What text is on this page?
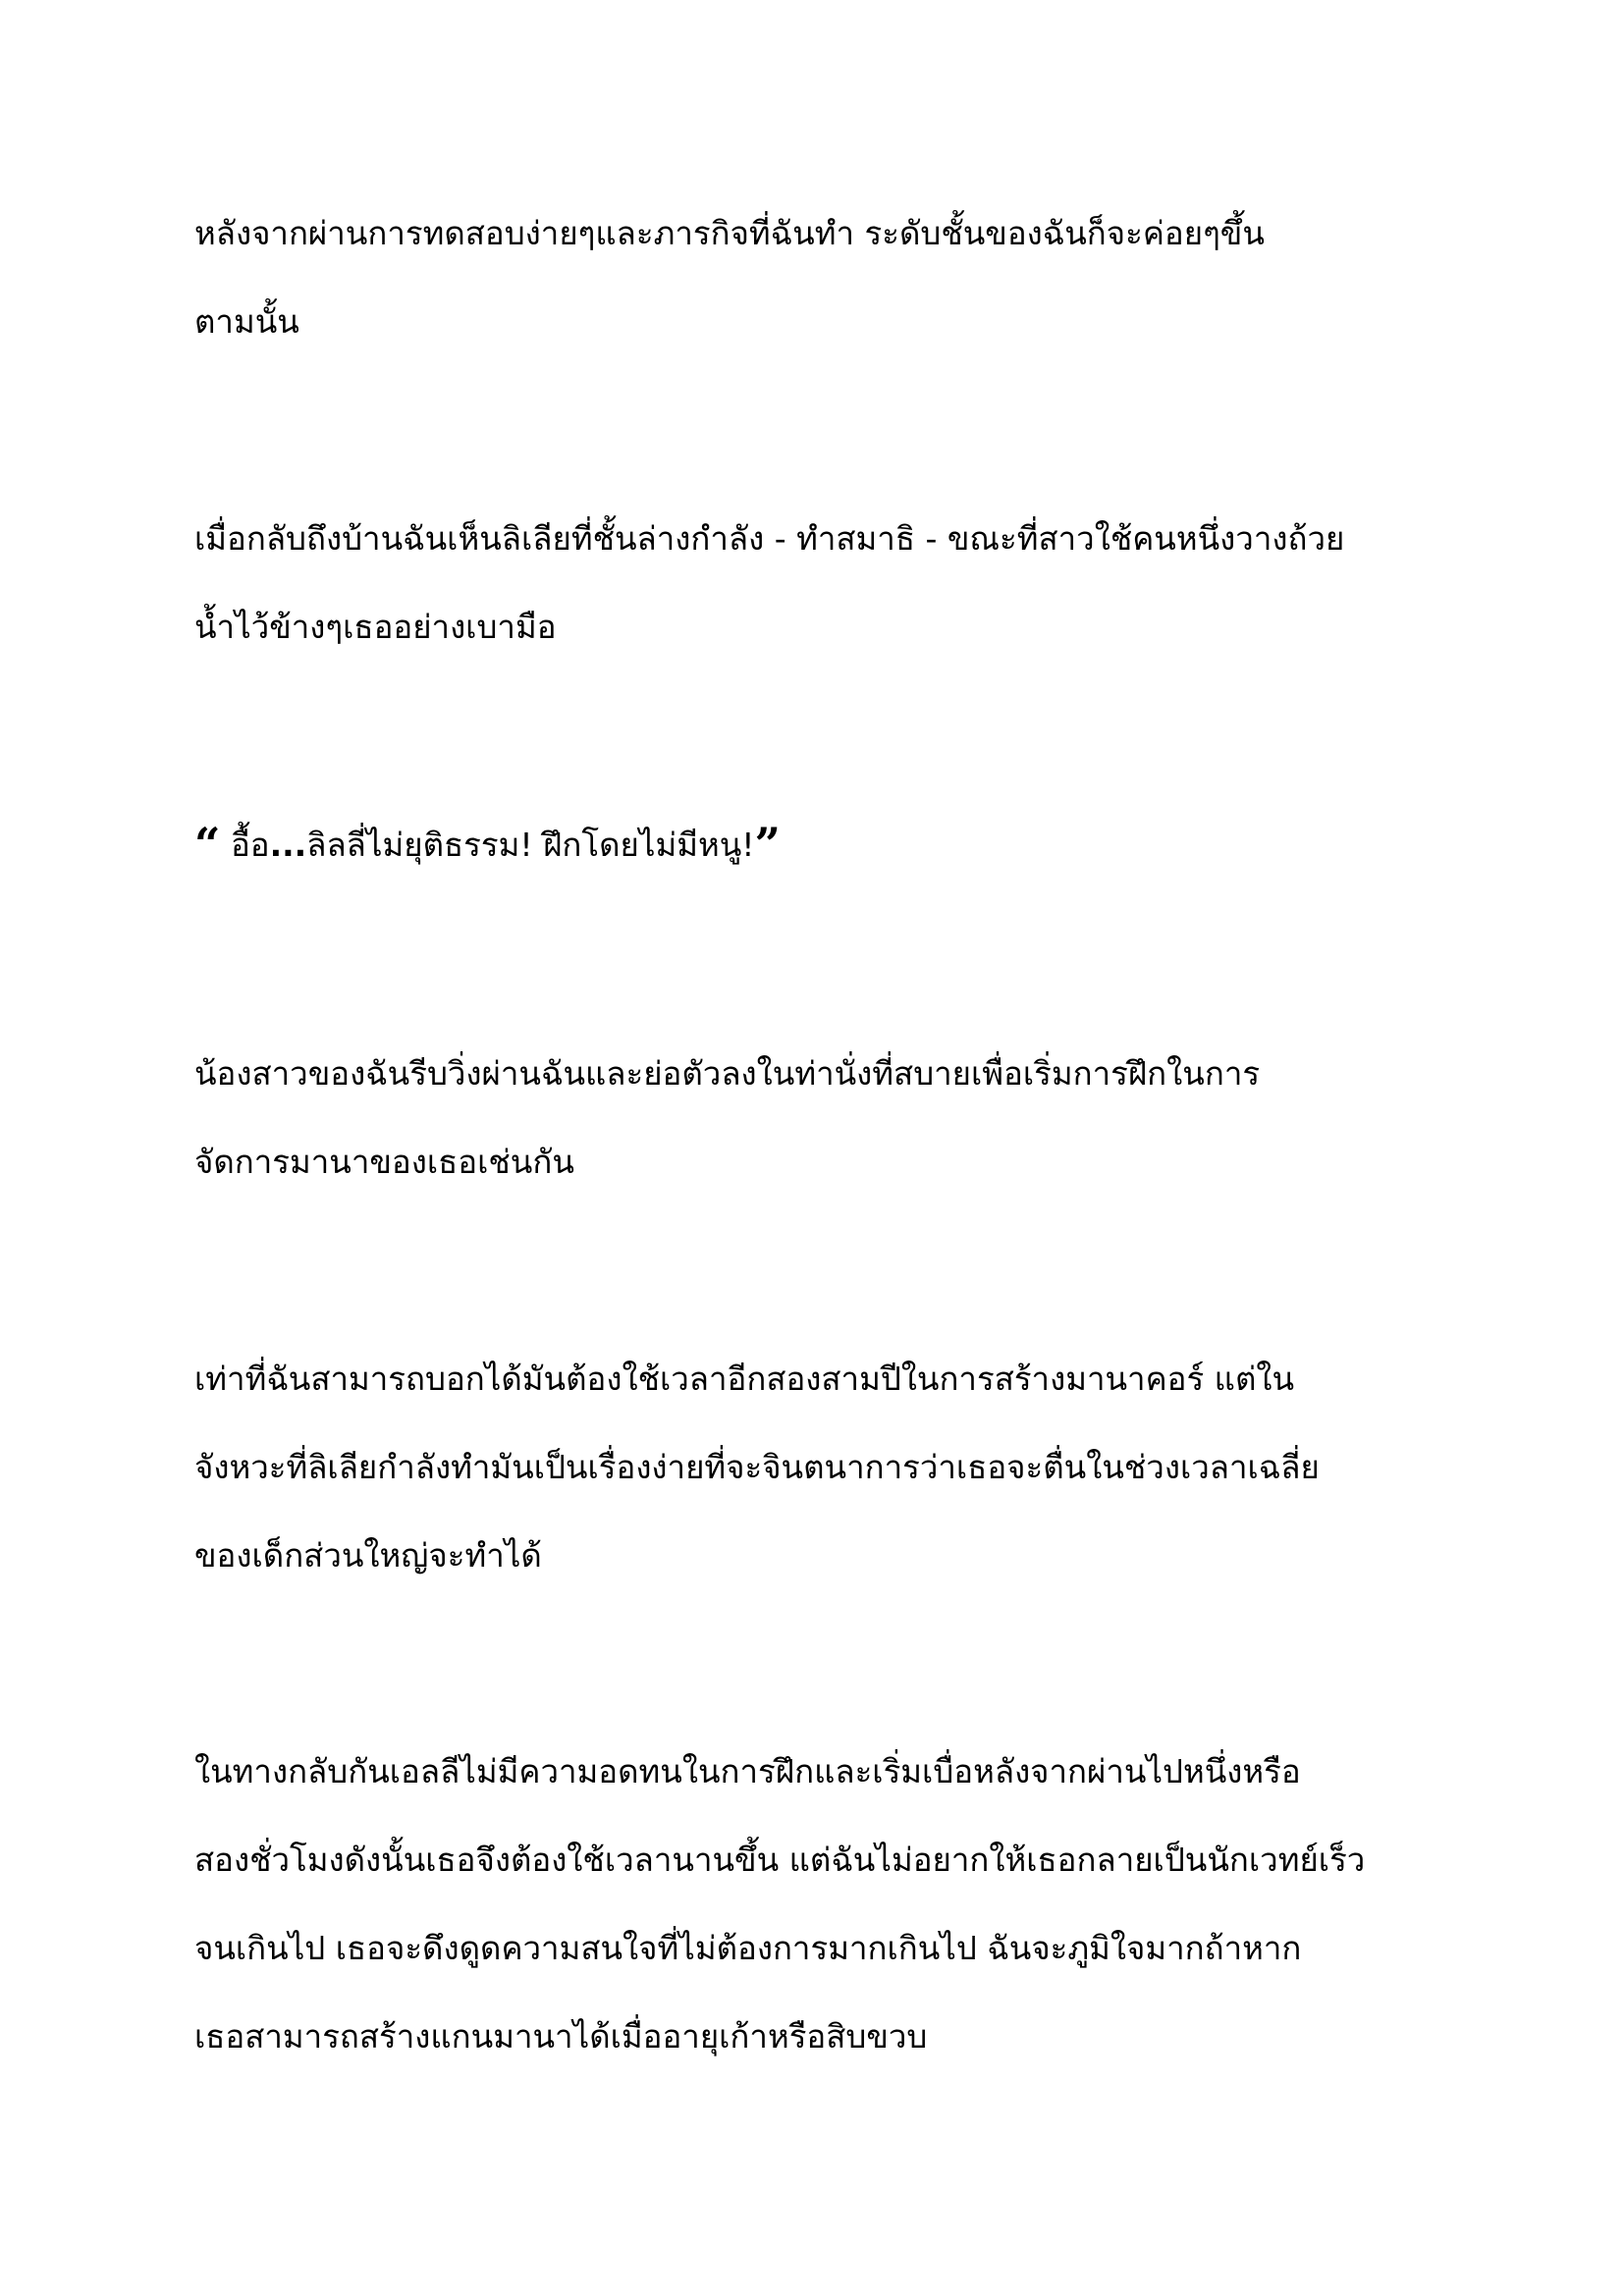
หลังจากผ่านการทดสอบง่ายๆและภารกิจที่ฉันทำ ระดับชั้นของฉันก็จะค่อยๆขึ้น
ตามนั้น
เมื่อกลับถึงบ้านฉันเห็นลิเลียที่ชั้นล่างกำลัง - ทำสมาธิ - ขณะที่สาวใช้คนหนึ่งวางถ้วย
น้ำไว้ข้างๆเธออย่างเบามือ
“ อื้อ...ลิลลี่ไม่ยุติธรรม! ฝึกโดยไม่มีหนู!”
น้องสาวของฉันรีบวิ่งผ่านฉันและย่อตัวลงในท่านั่งที่สบายเพื่อเริ่มการฝึกในการ
จัดการมานาของเธอเช่นกัน
เท่าที่ฉันสามารถบอกได้มันต้องใช้เวลาอีกสองสามปีในการสร้างมานาคอร์ แต่ใน
จังหวะที่ลิเลียกำลังทำมันเป็นเรื่องง่ายที่จะจินตนาการว่าเธอจะตื่นในช่วงเวลาเฉลี่ย
ของเด็กส่วนใหญ่จะทำได้
ในทางกลับกันเอลลีไม่มีความอดทนในการฝึกและเริ่มเบื่อหลังจากผ่านไปหนึ่งหรือ
สองชั่วโมงดังนั้นเธอจึงต้องใช้เวลานานขึ้น แต่ฉันไม่อยากให้เธอกลายเป็นนักเวทย์เร็ว
จนเกินไป เธอจะดึงดูดความสนใจที่ไม่ต้องการมากเกินไป ฉันจะภูมิใจมากถ้าหาก
เธอสามารถสร้างแกนมานาได้เมื่ออายุเก้าหรือสิบขวบ
